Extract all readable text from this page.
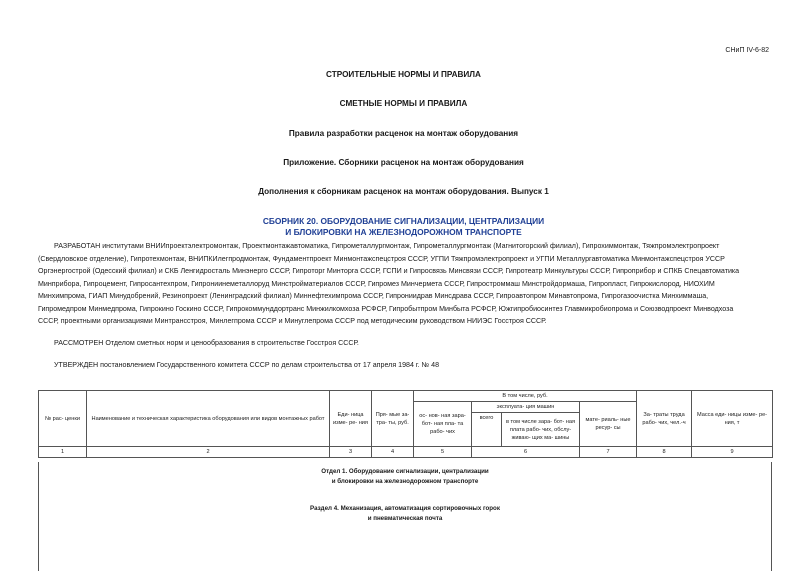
СНиП IV-6-82
СТРОИТЕЛЬНЫЕ НОРМЫ И ПРАВИЛА
СМЕТНЫЕ НОРМЫ И ПРАВИЛА
Правила разработки расценок на монтаж оборудования
Приложение. Сборники расценок на монтаж оборудования
Дополнения к сборникам расценок на монтаж оборудования. Выпуск 1
СБОРНИК 20. ОБОРУДОВАНИЕ СИГНАЛИЗАЦИИ, ЦЕНТРАЛИЗАЦИИ
И БЛОКИРОВКИ НА ЖЕЛЕЗНОДОРОЖНОМ ТРАНСПОРТЕ
РАЗРАБОТАН институтами ВНИИпроектэлектромонтаж, Проектмонтажавтоматика, Гипрометаллургмонтаж, Гипрометаллургмонтаж (Магнитогорский филиал), Гипрохиммонтаж, Тяжпромэлектропроект
(Свердловское отделение), Гипротехмонтаж, ВНИПКИлегпродмонтаж, Фундаментпроект Минмонтажспецстроя СССР, УГПИ Тяжпромэлектропроект и УГПИ Металлургавтоматика Минмонтажспецстроя УССР
Оргэнергострой (Одесский филиал) и СКБ Ленгидросталь Минэнерго СССР, Гипроторг Минторга СССР, ГСПИ и Гипросвязь Минсвязи СССР, Гипротеатр Минкультуры СССР, Гипроприбор и СПКБ Спецавтоматика
Минприбора, Гипроцемент, Гипросантехпром, Гипрониинеметаллоруд Минстройматериалов СССР, Гипромез Минчермета СССР, Гипростроммаш Минстройдормаша, Гипропласт, Гипрокислород, НИОХИМ
Минхимпрома, ГИАП Минудобрений, Резинопроект (Ленинградский филиал) Миннефтехимпрома СССР, Гипрониидрав Минсдрава СССР, Гипроавтопром Минавтопрома, Гипрогазоочистка Минхиммаша,
Гипромедпром Минмедпрома, Гипрокино Госкино СССР, Гипрокоммунддортранс Минжилкомхоза РСФСР, Гипробытпром Минбыта РСФСР, Южгипробиосинтез Главмикробиопрома и Союзводпроект Минводхоза
СССР, проектными организациями Минтрансстроя, Минлегпрома СССР и Минуглепрома СССР под методическим руководством НИИЭС Госстроя СССР.
РАССМОТРЕН Отделом сметных норм и ценообразования в строительстве Госстроя СССР.
УТВЕРЖДЕН постановлением Государственного комитета СССР по делам строительства от 17 апреля 1984 г. № 48
№ рас- ценки	Наименование и техническая характеристика оборудования или видов монтажных работ	Еди- ница изме- ре- ния	Пря- мые за- тра- ты, руб.	В том числе, руб.				За- траты труда рабо- чих, чел.-ч	Масса еди- ницы изме- ре- ния, т
				ос- нов- ная зара- бот- ная пла- та рабо- чих	эксплуата- ция машин		мате- риаль- ные ресур- сы		
					всего	в том числе зара- бот- ная плата рабо- чих, обслу- живаю- щих ма- шины			
1	2	3	4	5	6		7	8	9
Отдел 1. Оборудование сигнализации, централизации
и блокировки на железнодорожном транспорте
Раздел 4. Механизация, автоматизация сортировочных горок
и пневматическая почта
